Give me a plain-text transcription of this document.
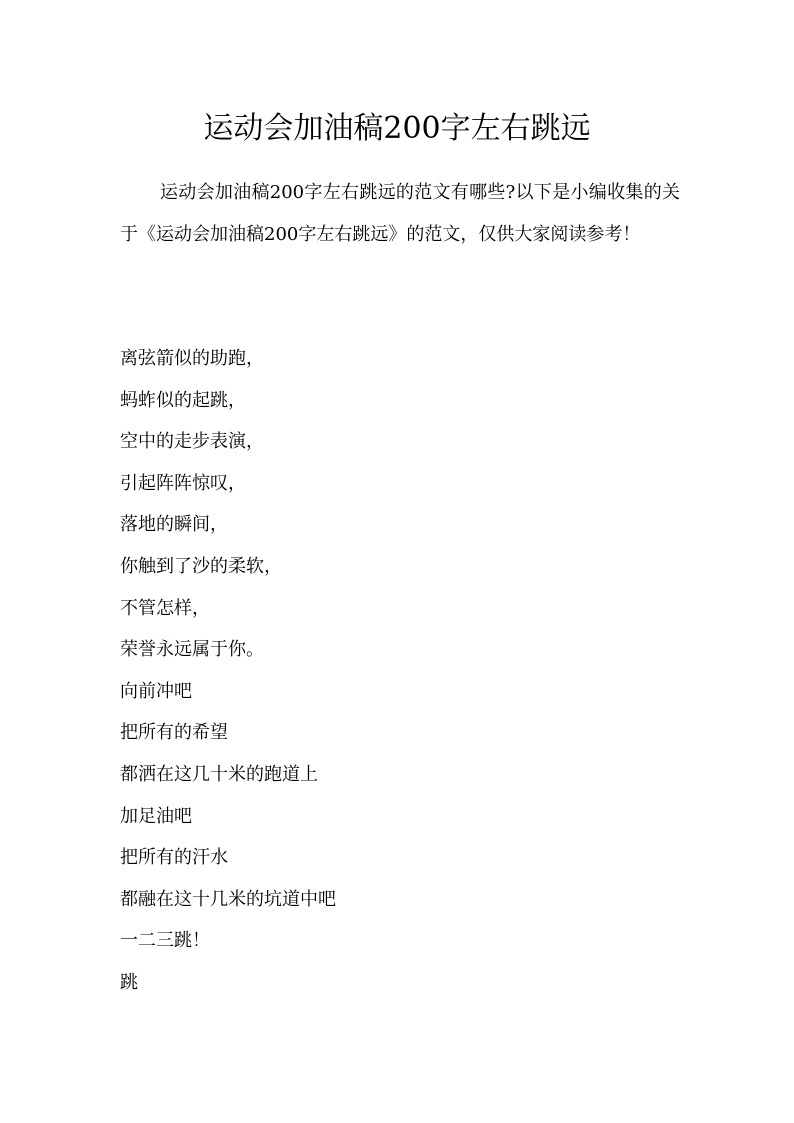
运动会加油稿200字左右跳远

运动会加油稿200字左右跳远的范文有哪些?以下是小编收集的关于《运动会加油稿200字左右跳远》的范文，仅供大家阅读参考！

离弦箭似的助跑，
蚂蚱似的起跳，
空中的走步表演，
引起阵阵惊叹，
落地的瞬间，
你触到了沙的柔软，
不管怎样，
荣誉永远属于你。
向前冲吧
把所有的希望
都洒在这几十米的跑道上
加足油吧
把所有的汗水
都融在这十几米的坑道中吧
一二三跳！
跳
